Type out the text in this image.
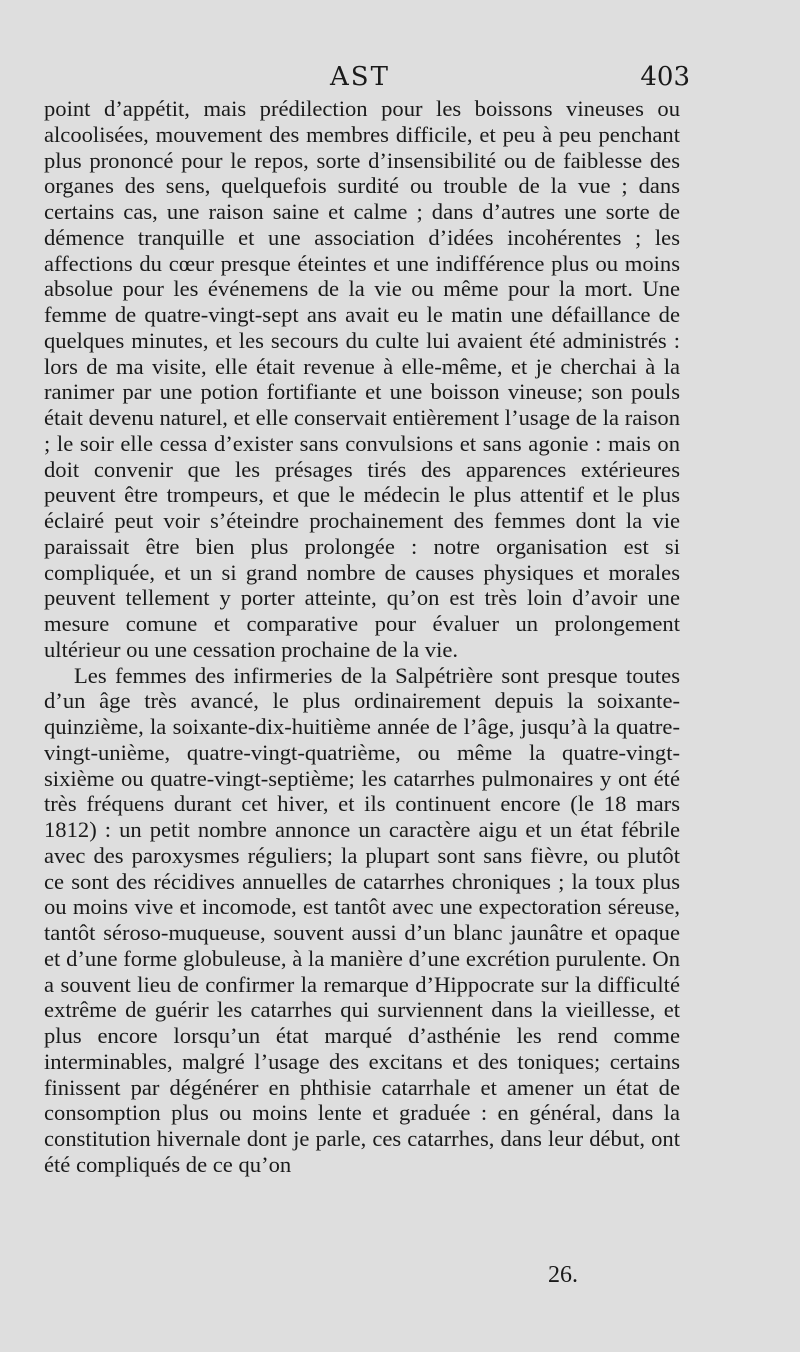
AST	403

point d’appétit, mais prédilection pour les boissons vineuses ou alcoolisées, mouvement des membres difficile, et peu à peu penchant plus prononcé pour le repos, sorte d’insensibilité ou de faiblesse des organes des sens, quelquefois surdité ou trouble de la vue ; dans certains cas, une raison saine et calme ; dans d’autres une sorte de démence tranquille et une association d’idées incohérentes ; les affections du cœur presque éteintes et une indifférence plus ou moins absolue pour les événemens de la vie ou même pour la mort. Une femme de quatre-vingt-sept ans avait eu le matin une défaillance de quelques minutes, et les secours du culte lui avaient été administrés : lors de ma visite, elle était revenue à elle-même, et je cherchai à la ranimer par une potion fortifiante et une boisson vineuse; son pouls était devenu naturel, et elle conservait entièrement l’usage de la raison ; le soir elle cessa d’exister sans convulsions et sans agonie : mais on doit convenir que les présages tirés des apparences extérieures peuvent être trompeurs, et que le médecin le plus attentif et le plus éclairé peut voir s’éteindre prochainement des femmes dont la vie paraissait être bien plus prolongée : notre organisation est si compliquée, et un si grand nombre de causes physiques et morales peuvent tellement y porter atteinte, qu’on est très loin d’avoir une mesure comune et comparative pour évaluer un prolongement ultérieur ou une cessation prochaine de la vie.

Les femmes des infirmeries de la Salpétrière sont presque toutes d’un âge très avancé, le plus ordinairement depuis la soixante-quinzième, la soixante-dix-huitième année de l’âge, jusqu’à la quatre-vingt-unième, quatre-vingt-quatrième, ou même la quatre-vingt-sixième ou quatre-vingt-septième; les catarrhes pulmonaires y ont été très fréquens durant cet hiver, et ils continuent encore (le 18 mars 1812) : un petit nombre annonce un caractère aigu et un état fébrile avec des paroxysmes réguliers; la plupart sont sans fièvre, ou plutôt ce sont des récidives annuelles de catarrhes chroniques ; la toux plus ou moins vive et incomode, est tantôt avec une expectoration séreuse, tantôt séroso-muqueuse, souvent aussi d’un blanc jaunâtre et opaque et d’une forme globuleuse, à la manière d’une excrétion purulente. On a souvent lieu de confirmer la remarque d’Hippocrate sur la difficulté extrême de guérir les catarrhes qui surviennent dans la vieillesse, et plus encore lorsqu’un état marqué d’asthénie les rend comme interminables, malgré l’usage des excitans et des toniques; certains finissent par dégénérer en phthisie catarrhale et amener un état de consomption plus ou moins lente et graduée : en général, dans la constitution hivernale dont je parle, ces catarrhes, dans leur début, ont été compliqués de ce qu’on

26.
